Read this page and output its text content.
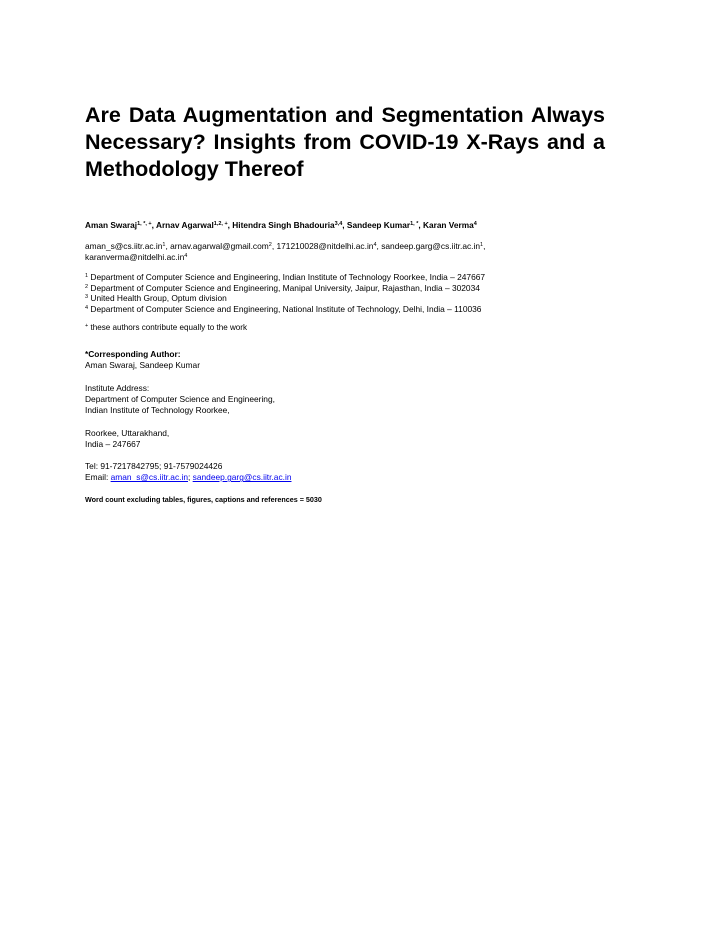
Are Data Augmentation and Segmentation Always Necessary? Insights from COVID-19 X-Rays and a Methodology Thereof
Aman Swaraj$^{1, *, +}$, Arnav Agarwal$^{1,2, +}$, Hitendra Singh Bhadouria$^{3,4}$, Sandeep Kumar$^{1, *}$, Karan Verma$^4$
$aman\_s@cs.iitr.ac.in^1$, arnav.agarwal@gmail.com$^2$, $171210028@nitdelhi.ac.in^4$, $sandeep.garg@cs.iitr.ac.in^1$,
$karanverma@nitdelhi.ac.in^4$
$^1$ Department of Computer Science and Engineering, Indian Institute of Technology Roorkee, India – 247667
$^2$ Department of Computer Science and Engineering, Manipal University, Jaipur, Rajasthan, India – 302034
$^3$ United Health Group, Optum division
$^4$ Department of Computer Science and Engineering, National Institute of Technology, Delhi, India – 110036
+ these authors contribute equally to the work
*Corresponding Author:
Aman Swaraj, Sandeep Kumar
Institute Address:
Department of Computer Science and Engineering,
Indian Institute of Technology Roorkee,
Roorkee, Uttarakhand,
India – 247667
Tel: 91-7217842795; 91-7579024426
Email: aman_s@cs.iitr.ac.in; sandeep.garg@cs.iitr.ac.in
Word count excluding tables, figures, captions and references = 5030
